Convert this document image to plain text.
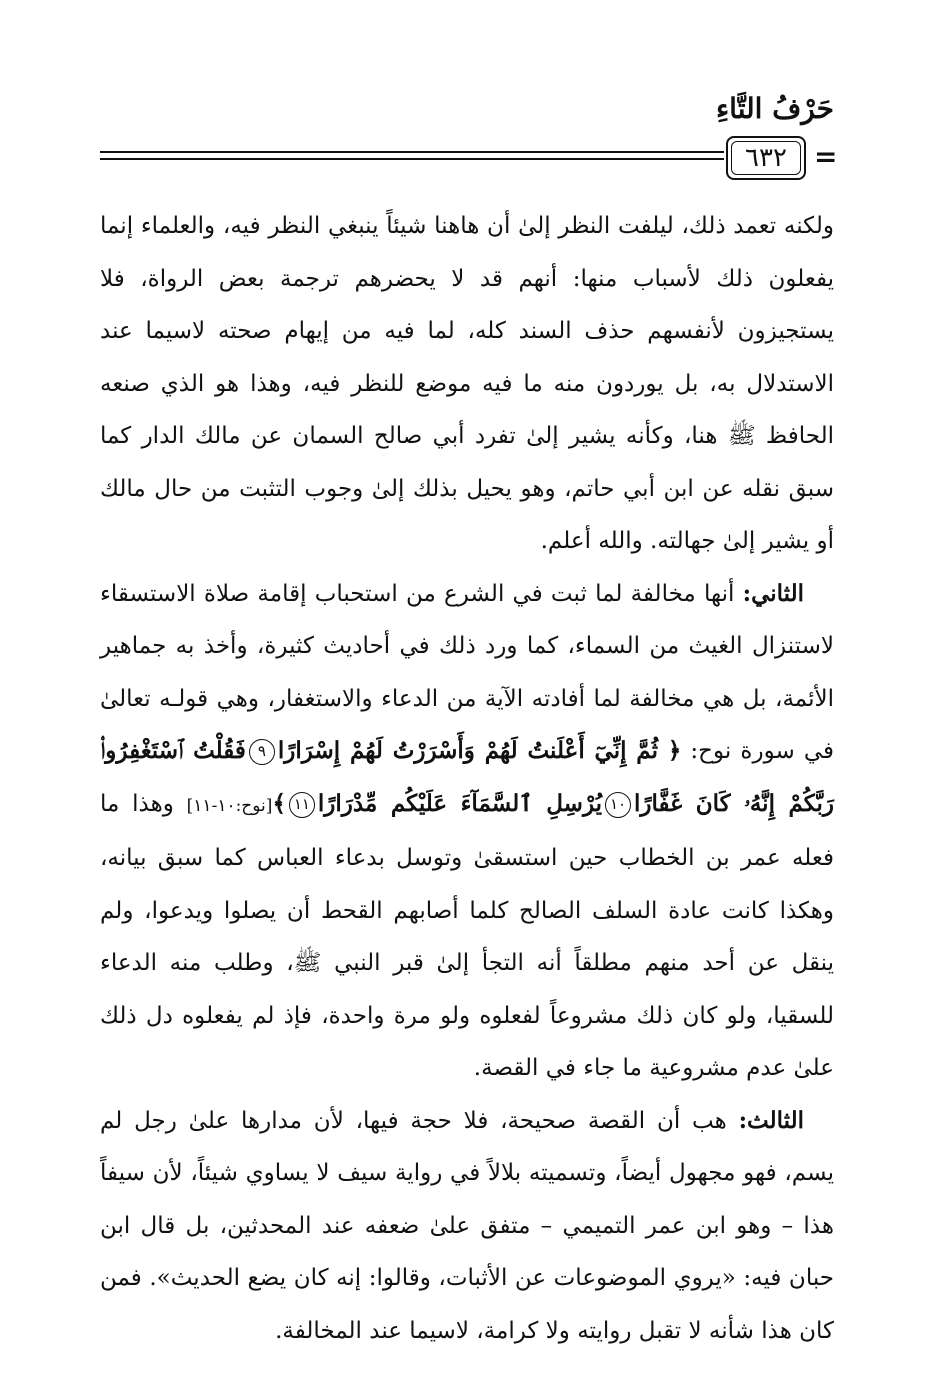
حَرْفُ التَّاءِ
٦٣٢ =

ولكنه تعمد ذلك، ليلفت النظر إلىٰ أن هاهنا شيئاً ينبغي النظر فيه، والعلماء إنما يفعلون ذلك لأسباب منها: أنهم قد لا يحضرهم ترجمة بعض الرواة، فلا يستجيزون لأنفسهم حذف السند كله، لما فيه من إيهام صحته لاسيما عند الاستدلال به، بل يوردون منه ما فيه موضع للنظر فيه، وهذا هو الذي صنعه الحافظ ﷺ هنا، وكأنه يشير إلىٰ تفرد أبي صالح السمان عن مالك الدار كما سبق نقله عن ابن أبي حاتم، وهو يحيل بذلك إلىٰ وجوب التثبت من حال مالك أو يشير إلىٰ جهالته. والله أعلم.

الثاني: أنها مخالفة لما ثبت في الشرع من استحباب إقامة صلاة الاستسقاء لاستنزال الغيث من السماء، كما ورد ذلك في أحاديث كثيرة، وأخذ به جماهير الأئمة، بل هي مخالفة لما أفادته الآية من الدعاء والاستغفار، وهي قولـه تعالىٰ في سورة نوح: ﴿ ثُمَّ إِنِّيٓ أَعْلَنتُ لَهُمْ وَأَسْرَرْتُ لَهُمْ إِسْرَارًا٩فَقُلْتُ ٱسْتَغْفِرُوا۟ رَبَّكُمْ إِنَّهُۥ كَانَ غَفَّارًا١٠يُرْسِلِ ٱلسَّمَآءَ عَلَيْكُم مِّدْرَارًا١١﴾[نوح:١٠-١١] وهذا ما فعله عمر بن الخطاب حين استسقىٰ وتوسل بدعاء العباس كما سبق بيانه، وهكذا كانت عادة السلف الصالح كلما أصابهم القحط أن يصلوا ويدعوا، ولم ينقل عن أحد منهم مطلقاً أنه التجأ إلىٰ قبر النبي ﷺ، وطلب منه الدعاء للسقيا، ولو كان ذلك مشروعاً لفعلوه ولو مرة واحدة، فإذ لم يفعلوه دل ذلك علىٰ عدم مشروعية ما جاء في القصة.

الثالث: هب أن القصة صحيحة، فلا حجة فيها، لأن مدارها علىٰ رجل لم يسم، فهو مجهول أيضاً، وتسميته بلالاً في رواية سيف لا يساوي شيئاً، لأن سيفاً هذا – وهو ابن عمر التميمي – متفق علىٰ ضعفه عند المحدثين، بل قال ابن حبان فيه: «يروي الموضوعات عن الأثبات، وقالوا: إنه كان يضع الحديث». فمن كان هذا شأنه لا تقبل روايته ولا كرامة، لاسيما عند المخالفة.
